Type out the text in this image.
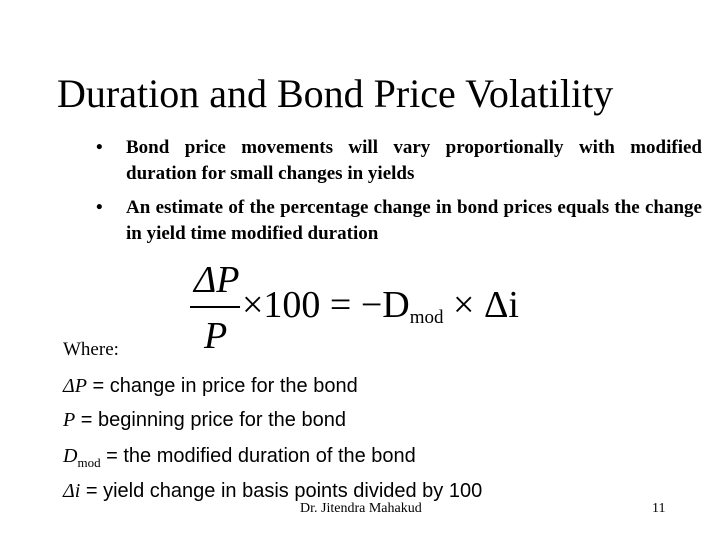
Duration and Bond Price Volatility
• Bond price movements will vary proportionally with modified duration for small changes in yields
• An estimate of the percentage change in bond prices equals the change in yield time modified duration
ΔP
P
$\times 100 = -D_{mod} \times \Delta i$
Where:
ΔP = change in price for the bond
P = beginning price for the bond
$D_{mod}$ = the modified duration of the bond
Δi = yield change in basis points divided by 100
Dr. Jitendra Mahakud	11
